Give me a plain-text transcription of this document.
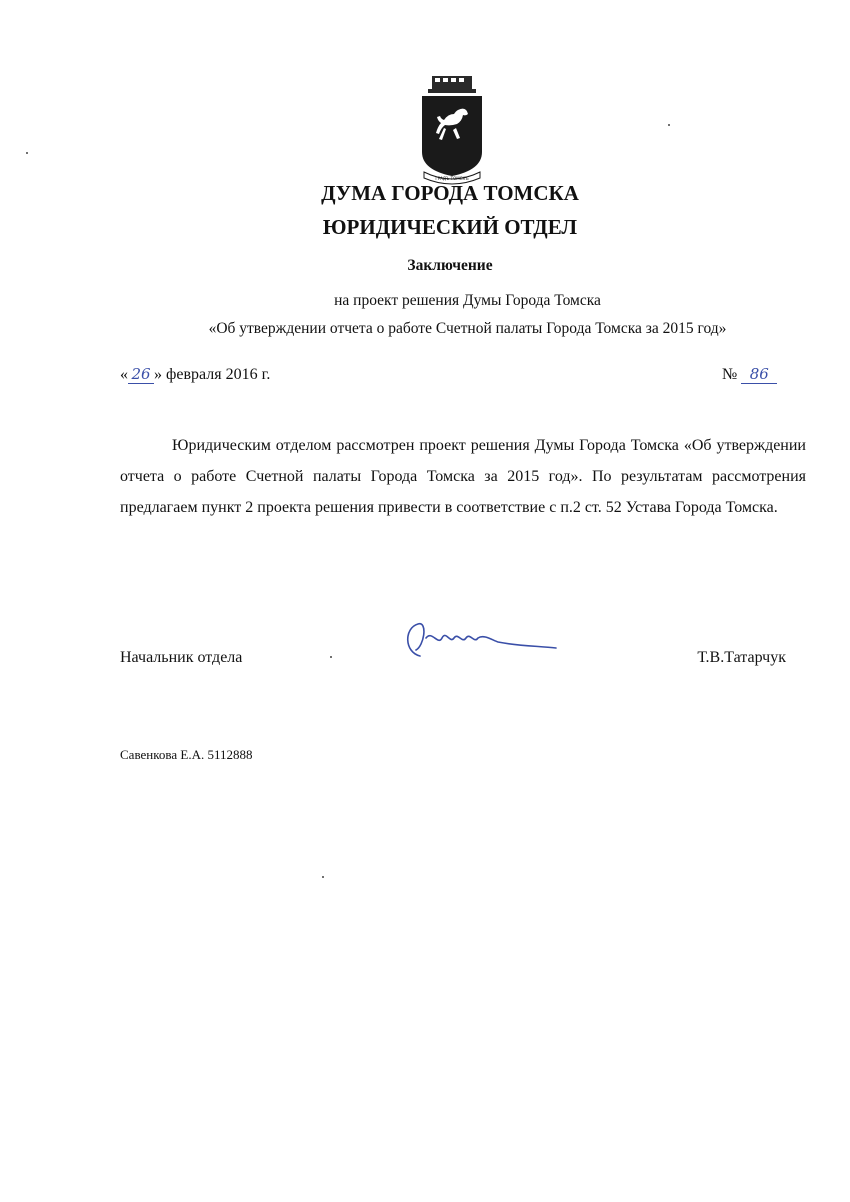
ГРАДЪ ТОМСКЪ
ДУМА ГОРОДА ТОМСКА
ЮРИДИЧЕСКИЙ ОТДЕЛ
Заключение
на проект решения Думы Города Томска
«Об утверждении отчета о работе Счетной палаты Города Томска за 2015 год»
« 26 » февраля 2016 г.	№ 86
Юридическим отделом рассмотрен проект решения Думы Города Томска «Об утверждении отчета о работе Счетной палаты Города Томска за 2015 год». По результатам рассмотрения предлагаем пункт 2 проекта решения привести в соответствие с п.2 ст. 52 Устава Города Томска.
Начальник отдела	Т.В.Татарчук
Савенкова Е.А. 5112888
